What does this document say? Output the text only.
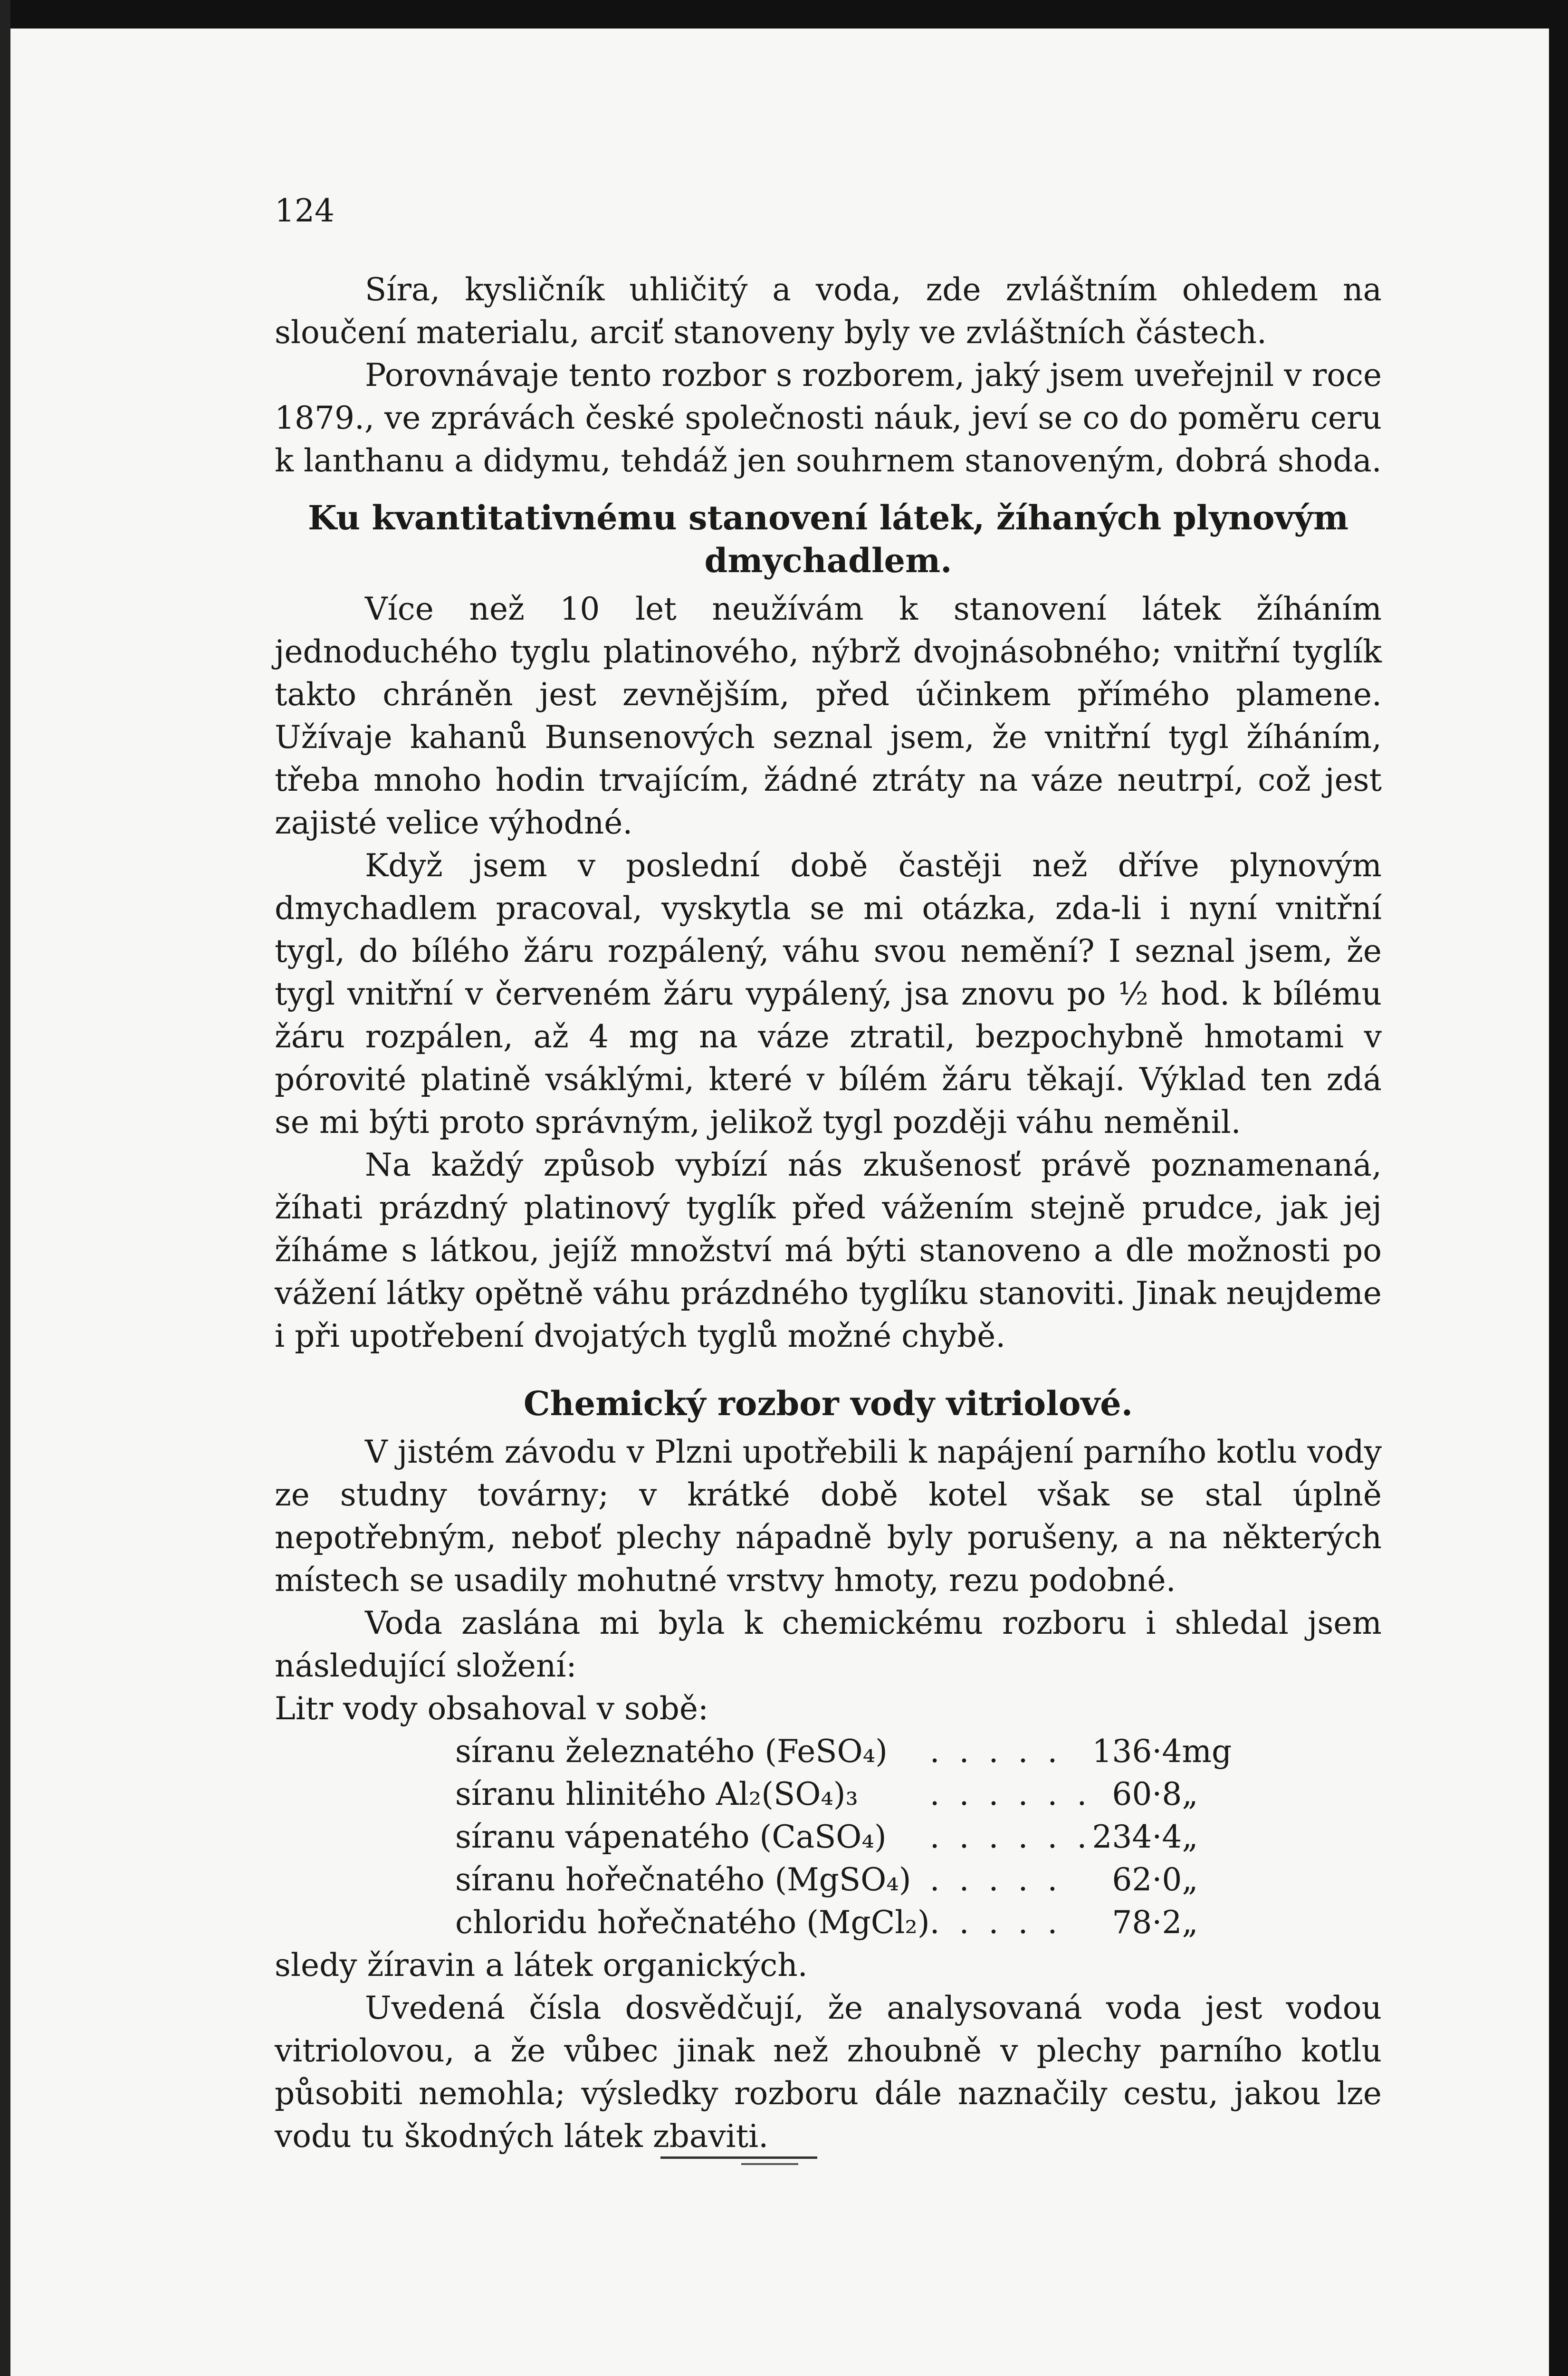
124

Síra, kysličník uhličitý a voda, zde zvláštním ohledem na sloučení materialu, arciť stanoveny byly ve zvláštních částech.

Porovnávaje tento rozbor s rozborem, jaký jsem uveřejnil v roce 1879., ve zprávách české společnosti náuk, jeví se co do poměru ceru k lanthanu a didymu, tehdáž jen souhrnem stanoveným, dobrá shoda.

Ku kvantitativnému stanovení látek, žíhaných plynovým dmychadlem.

Více než 10 let neužívám k stanovení látek žíháním jednoduchého tyglu platinového, nýbrž dvojnásobného; vnitřní tyglík takto chráněn jest zevnějším, před účinkem přímého plamene. Užívaje kahanů Bunsenových seznal jsem, že vnitřní tygl žíháním, třeba mnoho hodin trvajícím, žádné ztráty na váze neutrpí, což jest zajisté velice výhodné.

Když jsem v poslední době častěji než dříve plynovým dmychadlem pracoval, vyskytla se mi otázka, zda-li i nyní vnitřní tygl, do bílého žáru rozpálený, váhu svou nemění? I seznal jsem, že tygl vnitřní v červeném žáru vypálený, jsa znovu po ½ hod. k bílému žáru rozpálen, až 4 mg na váze ztratil, bezpochybně hmotami v pórovité platině vsáklými, které v bílém žáru těkají. Výklad ten zdá se mi býti proto správným, jelikož tygl později váhu neměnil.

Na každý způsob vybízí nás zkušenosť právě poznamenaná, žíhati prázdný platinový tyglík před vážením stejně prudce, jak jej žíháme s látkou, jejíž množství má býti stanoveno a dle možnosti po vážení látky opětně váhu prázdného tyglíku stanoviti. Jinak neujdeme i při upotřebení dvojatých tyglů možné chybě.

Chemický rozbor vody vitriolové.

V jistém závodu v Plzni upotřebili k napájení parního kotlu vody ze studny továrny; v krátké době kotel však se stal úplně nepotřebným, neboť plechy nápadně byly porušeny, a na některých místech se usadily mohutné vrstvy hmoty, rezu podobné.

Voda zaslána mi byla k chemickému rozboru i shledal jsem následující složení:

Litr vody obsahoval v sobě:

síranu železnatého (FeSO₄)	. . . . .	136·4	mg
síranu hlinitého Al₂(SO₄)₃	. . . . . .	60·8	„
síranu vápenatého (CaSO₄)	. . . . . .	234·4	„
síranu hořečnatého (MgSO₄)	. . . . .	62·0	„
chloridu hořečnatého (MgCl₂)	. . . . .	78·2	„

sledy žíravin a látek organických.

Uvedená čísla dosvědčují, že analysovaná voda jest vodou vitriolovou, a že vůbec jinak než zhoubně v plechy parního kotlu působiti nemohla; výsledky rozboru dále naznačily cestu, jakou lze vodu tu škodných látek zbaviti.
